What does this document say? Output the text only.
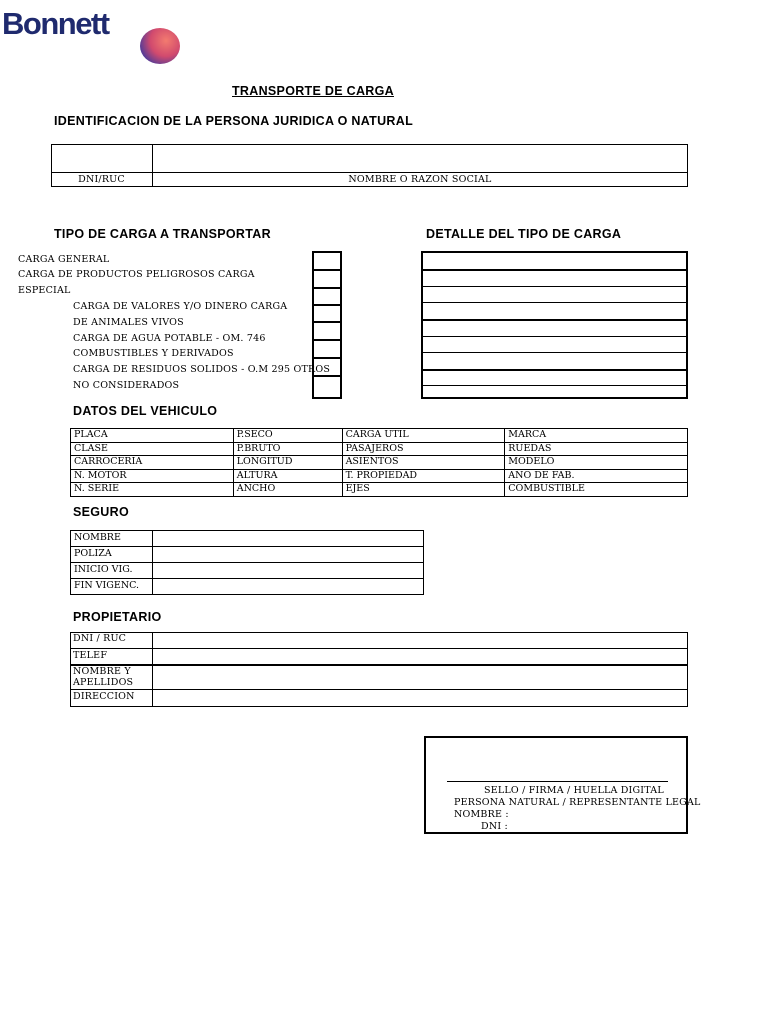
Bonnett
TRANSPORTE DE CARGA
IDENTIFICACION DE LA PERSONA JURIDICA O NATURAL
DNI/RUC	NOMBRE O RAZON SOCIAL
TIPO DE CARGA A TRANSPORTAR	DETALLE DEL TIPO DE CARGA
CARGA GENERAL
CARGA DE PRODUCTOS PELIGROSOS CARGA
ESPECIAL
CARGA DE VALORES Y/O DINERO CARGA
DE ANIMALES VIVOS
CARGA DE AGUA POTABLE - OM. 746
COMBUSTIBLES Y DERIVADOS
CARGA DE RESIDUOS SOLIDOS - O.M 295 OTROS
NO CONSIDERADOS
DATOS DEL VEHICULO
PLACA	P.SECO	CARGA UTIL	MARCA
CLASE	P.BRUTO	PASAJEROS	RUEDAS
CARROCERIA	LONGITUD	ASIENTOS	MODELO
N. MOTOR	ALTURA	T. PROPIEDAD	AÑO DE FAB.
N. SERIE	ANCHO	EJES	COMBUSTIBLE
SEGURO
NOMBRE	
POLIZA	
INICIO VIG.	
FIN VIGENC.	
PROPIETARIO
DNI / RUC
TELEF
NOMBRE Y
APELLIDOS
DIRECCION
SELLO / FIRMA / HUELLA DIGITAL
PERSONA NATURAL / REPRESENTANTE LEGAL
NOMBRE :
DNI :
